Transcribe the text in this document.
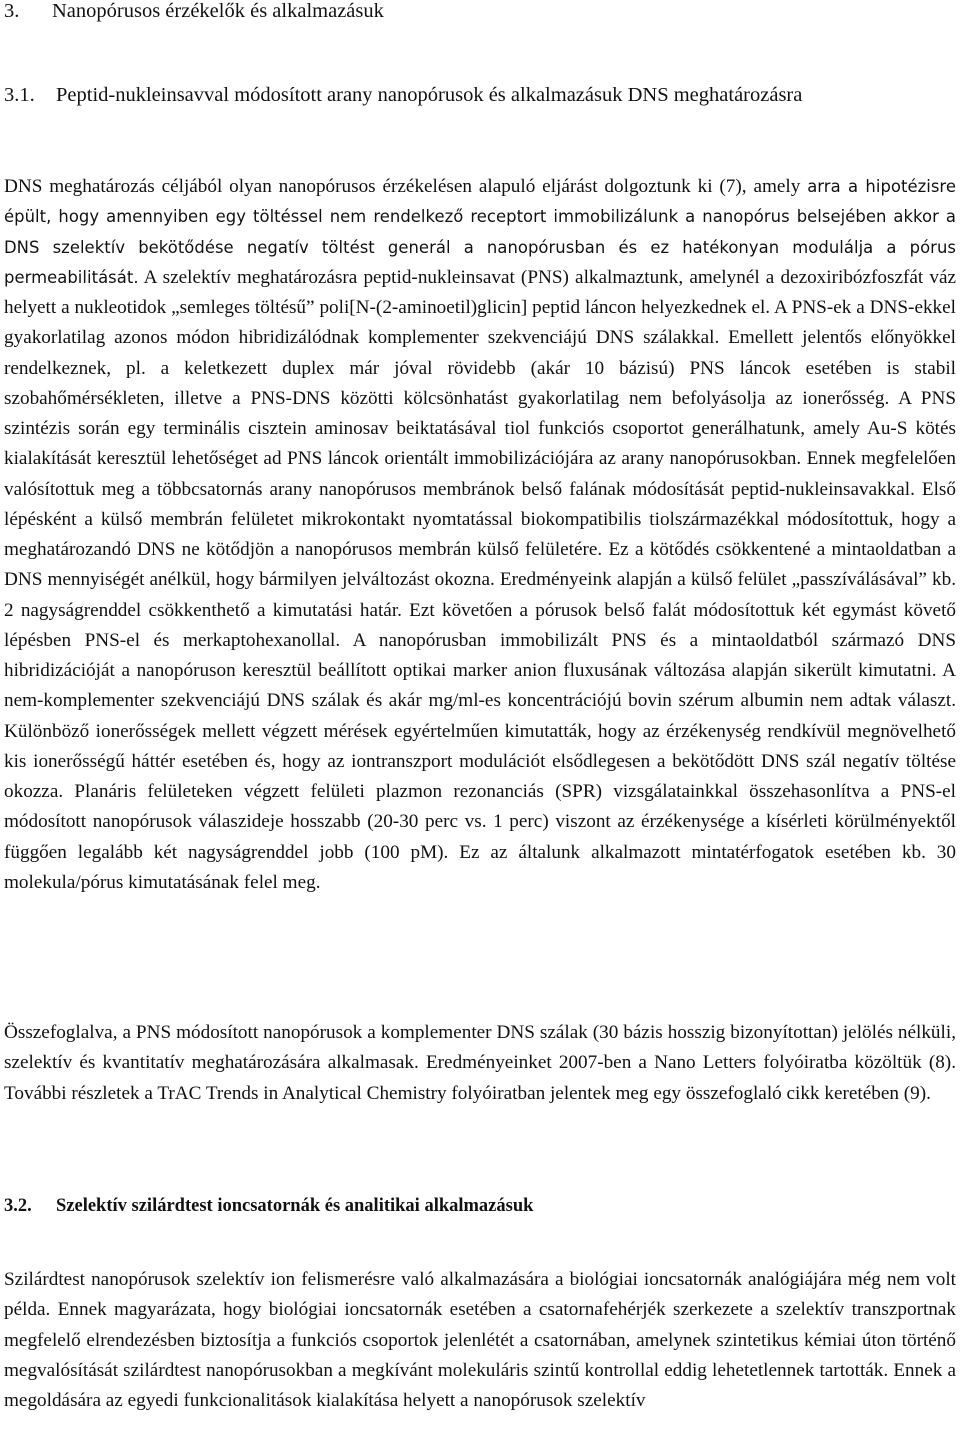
3. Nanopórusos érzékelők és alkalmazásuk
3.1. Peptid-nukleinsavval módosított arany nanopórusok és alkalmazásuk DNS meghatározásra

DNS meghatározás céljából olyan nanopórusos érzékelésen alapuló eljárást dolgoztunk ki (7), amely arra a hipotézisre épült, hogy amennyiben egy töltéssel nem rendelkező receptort immobilizálunk a nanopórus belsejében akkor a DNS szelektív bekötődése negatív töltést generál a nanopórusban és ez hatékonyan modulálja a pórus permeabilitását. A szelektív meghatározásra peptid-nukleinsavat (PNS) alkalmaztunk, amelynél a dezoxiribózfoszfát váz helyett a nukleotidok „semleges töltésű” poli[N-(2-aminoetil)glicin] peptid láncon helyezkednek el. A PNS-ek a DNS-ekkel gyakorlatilag azonos módon hibridizálódnak komplementer szekvenciájú DNS szálakkal. Emellett jelentős előnyökkel rendelkeznek, pl. a keletkezett duplex már jóval rövidebb (akár 10 bázisú) PNS láncok esetében is stabil szobahőmérsékleten, illetve a PNS-DNS közötti kölcsönhatást gyakorlatilag nem befolyásolja az ionerősség. A PNS szintézis során egy terminális cisztein aminosav beiktatásával tiol funkciós csoportot generálhatunk, amely Au-S kötés kialakítását keresztül lehetőséget ad PNS láncok orientált immobilizációjára az arany nanopórusokban. Ennek megfelelően valósítottuk meg a többcsatornás arany nanopórusos membránok belső falának módosítását peptid-nukleinsavakkal. Első lépésként a külső membrán felületet mikrokontakt nyomtatással biokompatibilis tiolszármazékkal módosítottuk, hogy a meghatározandó DNS ne kötődjön a nanopórusos membrán külső felületére. Ez a kötődés csökkentené a mintaoldatban a DNS mennyiségét anélkül, hogy bármilyen jelváltozást okozna. Eredményeink alapján a külső felület „passzíválásával” kb. 2 nagyságrenddel csökkenthető a kimutatási határ. Ezt követően a pórusok belső falát módosítottuk két egymást követő lépésben PNS-el és merkaptohexanollal. A nanopórusban immobilizált PNS és a mintaoldatból származó DNS hibridizációját a nanopóruson keresztül beállított optikai marker anion fluxusának változása alapján sikerült kimutatni. A nem-komplementer szekvenciájú DNS szálak és akár mg/ml-es koncentrációjú bovin szérum albumin nem adtak választ. Különböző ionerősségek mellett végzett mérések egyértelműen kimutatták, hogy az érzékenység rendkívül megnövelhető kis ionerősségű háttér esetében és, hogy az iontranszport modulációt elsődlegesen a bekötődött DNS szál negatív töltése okozza. Planáris felületeken végzett felületi plazmon rezonanciás (SPR) vizsgálatainkkal összehasonlítva a PNS-el módosított nanopórusok válaszideje hosszabb (20-30 perc vs. 1 perc) viszont az érzékenysége a kísérleti körülményektől függően legalább két nagyságrenddel jobb (100 pM). Ez az általunk alkalmazott mintatérfogatok esetében kb. 30 molekula/pórus kimutatásának felel meg.

Összefoglalva, a PNS módosított nanopórusok a komplementer DNS szálak (30 bázis hosszig bizonyítottan) jelölés nélküli, szelektív és kvantitatív meghatározására alkalmasak. Eredményeinket 2007-ben a Nano Letters folyóiratba közöltük (8). További részletek a TrAC Trends in Analytical Chemistry folyóiratban jelentek meg egy összefoglaló cikk keretében (9).

3.2. Szelektív szilárdtest ioncsatornák és analitikai alkalmazásuk

Szilárdtest nanopórusok szelektív ion felismerésre való alkalmazására a biológiai ioncsatornák analógiájára még nem volt példa. Ennek magyarázata, hogy biológiai ioncsatornák esetében a csatornafehérjék szerkezete a szelektív transzportnak megfelelő elrendezésben biztosítja a funkciós csoportok jelenlétét a csatornában, amelynek szintetikus kémiai úton történő megvalósítását szilárdtest nanopórusokban a megkívánt molekuláris szintű kontrollal eddig lehetetlennek tartották. Ennek a megoldására az egyedi funkcionalitások kialakítása helyett a nanopórusok szelektív
